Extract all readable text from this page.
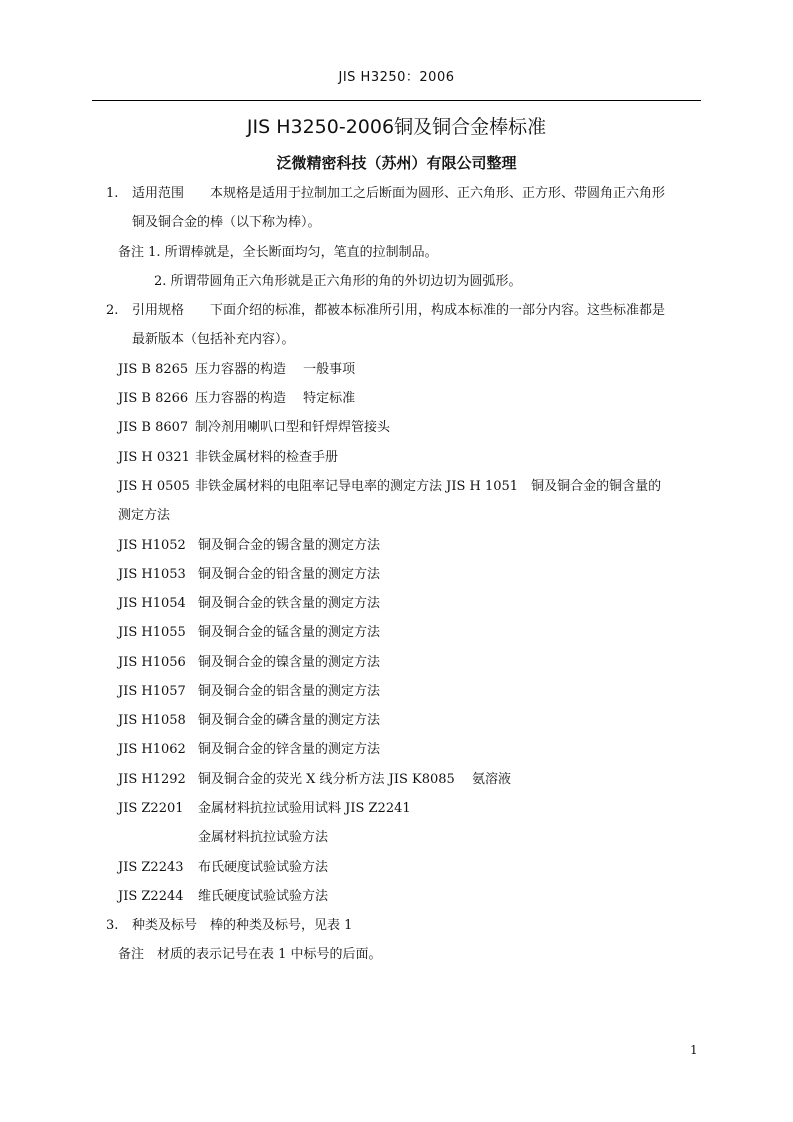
JIS H3250：2006
JIS H3250-2006铜及铜合金棒标准
泛微精密科技（苏州）有限公司整理
1. 适用范围　　本规格是适用于拉制加工之后断面为圆形、正六角形、正方形、带圆角正六角形
铜及铜合金的棒（以下称为棒）。
备注 1. 所谓棒就是，全长断面均匀，笔直的拉制制品。
2. 所谓带圆角正六角形就是正六角形的角的外切边切为圆弧形。
2. 引用规格　　下面介绍的标准，都被本标准所引用，构成本标准的一部分内容。这些标准都是
最新版本（包括补充内容）。
JIS B 8265 压力容器的构造　 一般事项
JIS B 8266 压力容器的构造　 特定标准
JIS B 8607 制冷剂用喇叭口型和钎焊焊管接头
JIS H 0321 非铁金属材料的检查手册
JIS H 0505 非铁金属材料的电阻率记导电率的测定方法 JIS H 1051　铜及铜合金的铜含量的
测定方法
JIS H1052 铜及铜合金的锡含量的测定方法
JIS H1053 铜及铜合金的铅含量的测定方法
JIS H1054 铜及铜合金的铁含量的测定方法
JIS H1055 铜及铜合金的锰含量的测定方法
JIS H1056 铜及铜合金的镍含量的测定方法
JIS H1057 铜及铜合金的铝含量的测定方法
JIS H1058 铜及铜合金的磷含量的测定方法
JIS H1062 铜及铜合金的锌含量的测定方法
JIS H1292 铜及铜合金的荧光 X 线分析方法 JIS K8085　 氨溶液
JIS Z2201 金属材料抗拉试验用试料 JIS Z2241
金属材料抗拉试验方法
JIS Z2243 布氏硬度试验试验方法
JIS Z2244 维氏硬度试验试验方法
3. 种类及标号　棒的种类及标号，见表 1
备注　材质的表示记号在表 1 中标号的后面。
1
